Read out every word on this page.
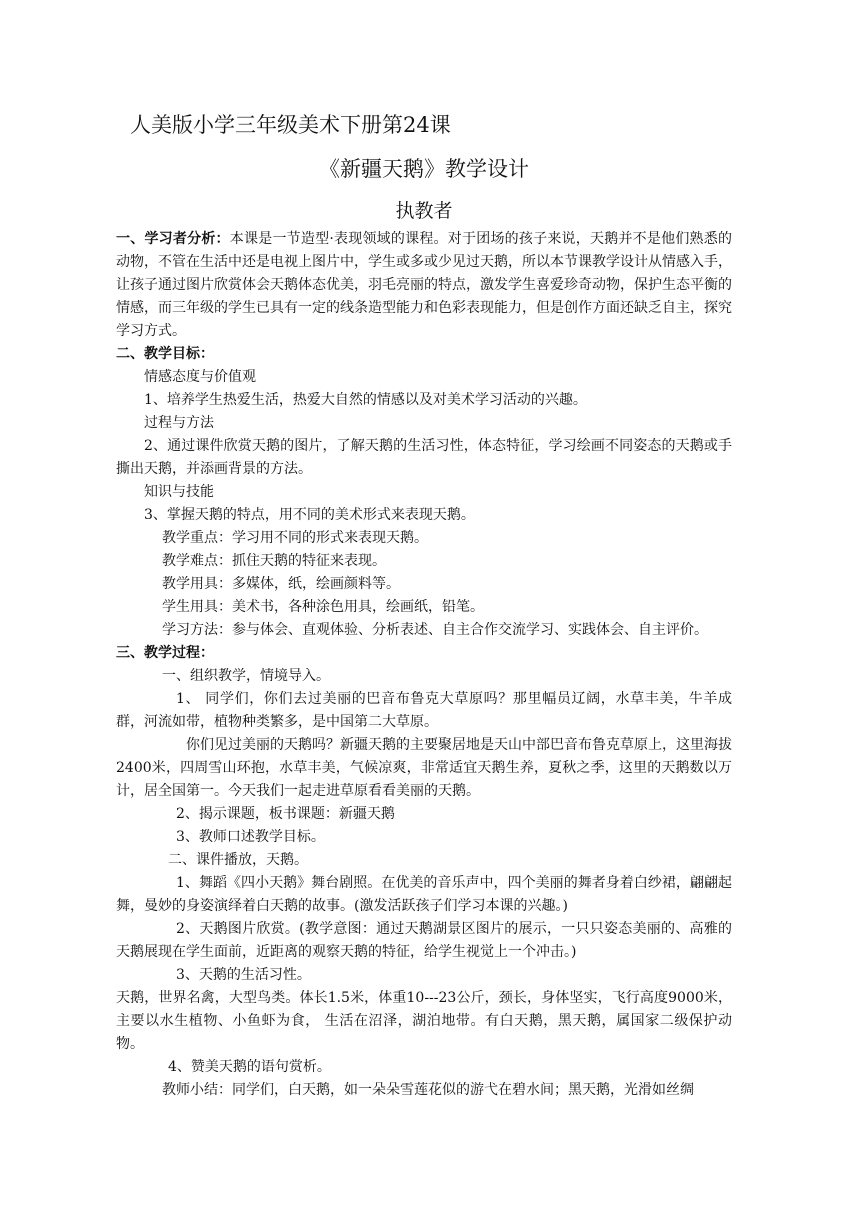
人美版小学三年级美术下册第24课
《新疆天鹅》教学设计
执教者

一、学习者分析：本课是一节造型·表现领域的课程。对于团场的孩子来说，天鹅并不是他们熟悉的动物，不管在生活中还是电视上图片中，学生或多或少见过天鹅，所以本节课教学设计从情感入手，让孩子通过图片欣赏体会天鹅体态优美，羽毛亮丽的特点，激发学生喜爱珍奇动物，保护生态平衡的情感，而三年级的学生已具有一定的线条造型能力和色彩表现能力，但是创作方面还缺乏自主，探究学习方式。

二、教学目标：

情感态度与价值观

1、培养学生热爱生活，热爱大自然的情感以及对美术学习活动的兴趣。

过程与方法

2、通过课件欣赏天鹅的图片，了解天鹅的生活习性，体态特征，学习绘画不同姿态的天鹅或手撕出天鹅，并添画背景的方法。

知识与技能

3、掌握天鹅的特点，用不同的美术形式来表现天鹅。

教学重点：学习用不同的形式来表现天鹅。

教学难点：抓住天鹅的特征来表现。

教学用具：多媒体，纸，绘画颜料等。

学生用具：美术书，各种涂色用具，绘画纸，铅笔。

学习方法：参与体会、直观体验、分析表述、自主合作交流学习、实践体会、自主评价。

三、教学过程：

一、组织教学，情境导入。

1、 同学们，你们去过美丽的巴音布鲁克大草原吗？那里幅员辽阔，水草丰美，牛羊成群，河流如带，植物种类繁多，是中国第二大草原。

你们见过美丽的天鹅吗？新疆天鹅的主要聚居地是天山中部巴音布鲁克草原上，这里海拔2400米，四周雪山环抱，水草丰美，气候凉爽，非常适宜天鹅生养，夏秋之季，这里的天鹅数以万计，居全国第一。今天我们一起走进草原看看美丽的天鹅。

2、揭示课题，板书课题：新疆天鹅

3、教师口述教学目标。

二、课件播放，天鹅。

1、舞蹈《四小天鹅》舞台剧照。在优美的音乐声中，四个美丽的舞者身着白纱裙，翩翩起舞，曼妙的身姿演绎着白天鹅的故事。(激发活跃孩子们学习本课的兴趣。)

2、天鹅图片欣赏。(教学意图：通过天鹅湖景区图片的展示，一只只姿态美丽的、高雅的天鹅展现在学生面前，近距离的观察天鹅的特征，给学生视觉上一个冲击。)

3、天鹅的生活习性。

天鹅，世界名禽，大型鸟类。体长1.5米，体重10---23公斤，颈长，身体坚实，飞行高度9000米，主要以水生植物、小鱼虾为食， 生活在沼泽，湖泊地带。有白天鹅，黑天鹅，属国家二级保护动物。

4、赞美天鹅的语句赏析。

教师小结：同学们，白天鹅，如一朵朵雪莲花似的游弋在碧水间；黑天鹅，光滑如丝绸
